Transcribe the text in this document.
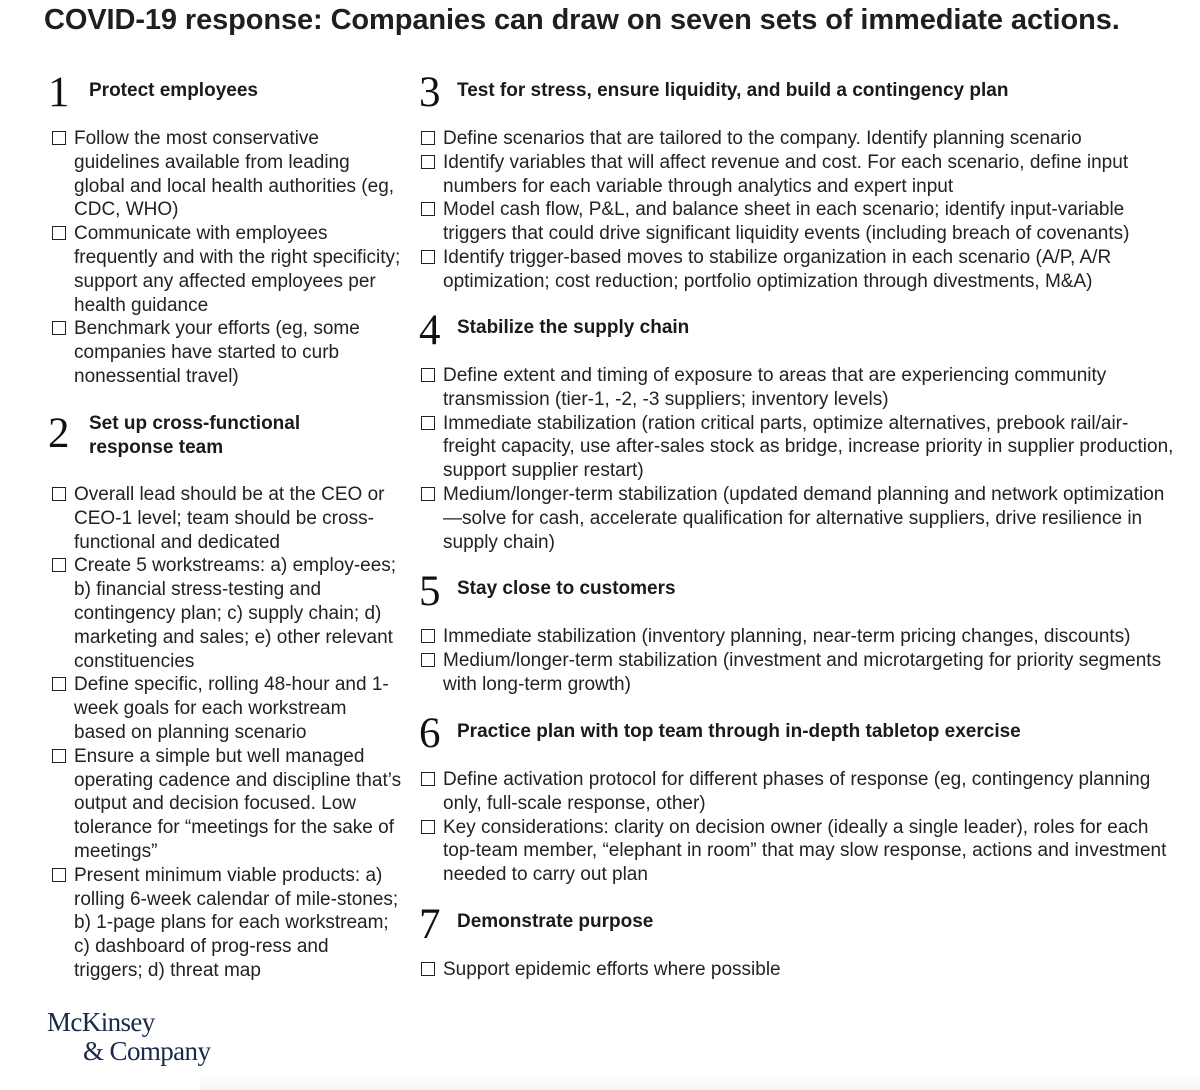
COVID-19 response: Companies can draw on seven sets of immediate actions.
1 Protect employees
Follow the most conservative guidelines available from leading global and local health authorities (eg, CDC, WHO)
Communicate with employees frequently and with the right specificity; support any affected employees per health guidance
Benchmark your efforts (eg, some companies have started to curb nonessential travel)
2 Set up cross-functional response team
Overall lead should be at the CEO or CEO-1 level; team should be cross-functional and dedicated
Create 5 workstreams: a) employ-ees; b) financial stress-testing and contingency plan; c) supply chain; d) marketing and sales; e) other relevant constituencies
Define specific, rolling 48-hour and 1-week goals for each workstream based on planning scenario
Ensure a simple but well managed operating cadence and discipline that’s output and decision focused. Low tolerance for “meetings for the sake of meetings”
Present minimum viable products: a) rolling 6-week calendar of mile-stones; b) 1-page plans for each workstream; c) dashboard of prog-ress and triggers; d) threat map
3 Test for stress, ensure liquidity, and build a contingency plan
Define scenarios that are tailored to the company. Identify planning scenario
Identify variables that will affect revenue and cost. For each scenario, define input numbers for each variable through analytics and expert input
Model cash flow, P&L, and balance sheet in each scenario; identify input-variable triggers that could drive significant liquidity events (including breach of covenants)
Identify trigger-based moves to stabilize organization in each scenario (A/P, A/R optimization; cost reduction; portfolio optimization through divestments, M&A)
4 Stabilize the supply chain
Define extent and timing of exposure to areas that are experiencing community transmission (tier-1, -2, -3 suppliers; inventory levels)
Immediate stabilization (ration critical parts, optimize alternatives, prebook rail/air-freight capacity, use after-sales stock as bridge, increase priority in supplier production, support supplier restart)
Medium/longer-term stabilization (updated demand planning and network optimization—solve for cash, accelerate qualification for alternative suppliers, drive resilience in supply chain)
5 Stay close to customers
Immediate stabilization (inventory planning, near-term pricing changes, discounts)
Medium/longer-term stabilization (investment and microtargeting for priority segments with long-term growth)
6 Practice plan with top team through in-depth tabletop exercise
Define activation protocol for different phases of response (eg, contingency planning only, full-scale response, other)
Key considerations: clarity on decision owner (ideally a single leader), roles for each top-team member, “elephant in room” that may slow response, actions and investment needed to carry out plan
7 Demonstrate purpose
Support epidemic efforts where possible
McKinsey
& Company
